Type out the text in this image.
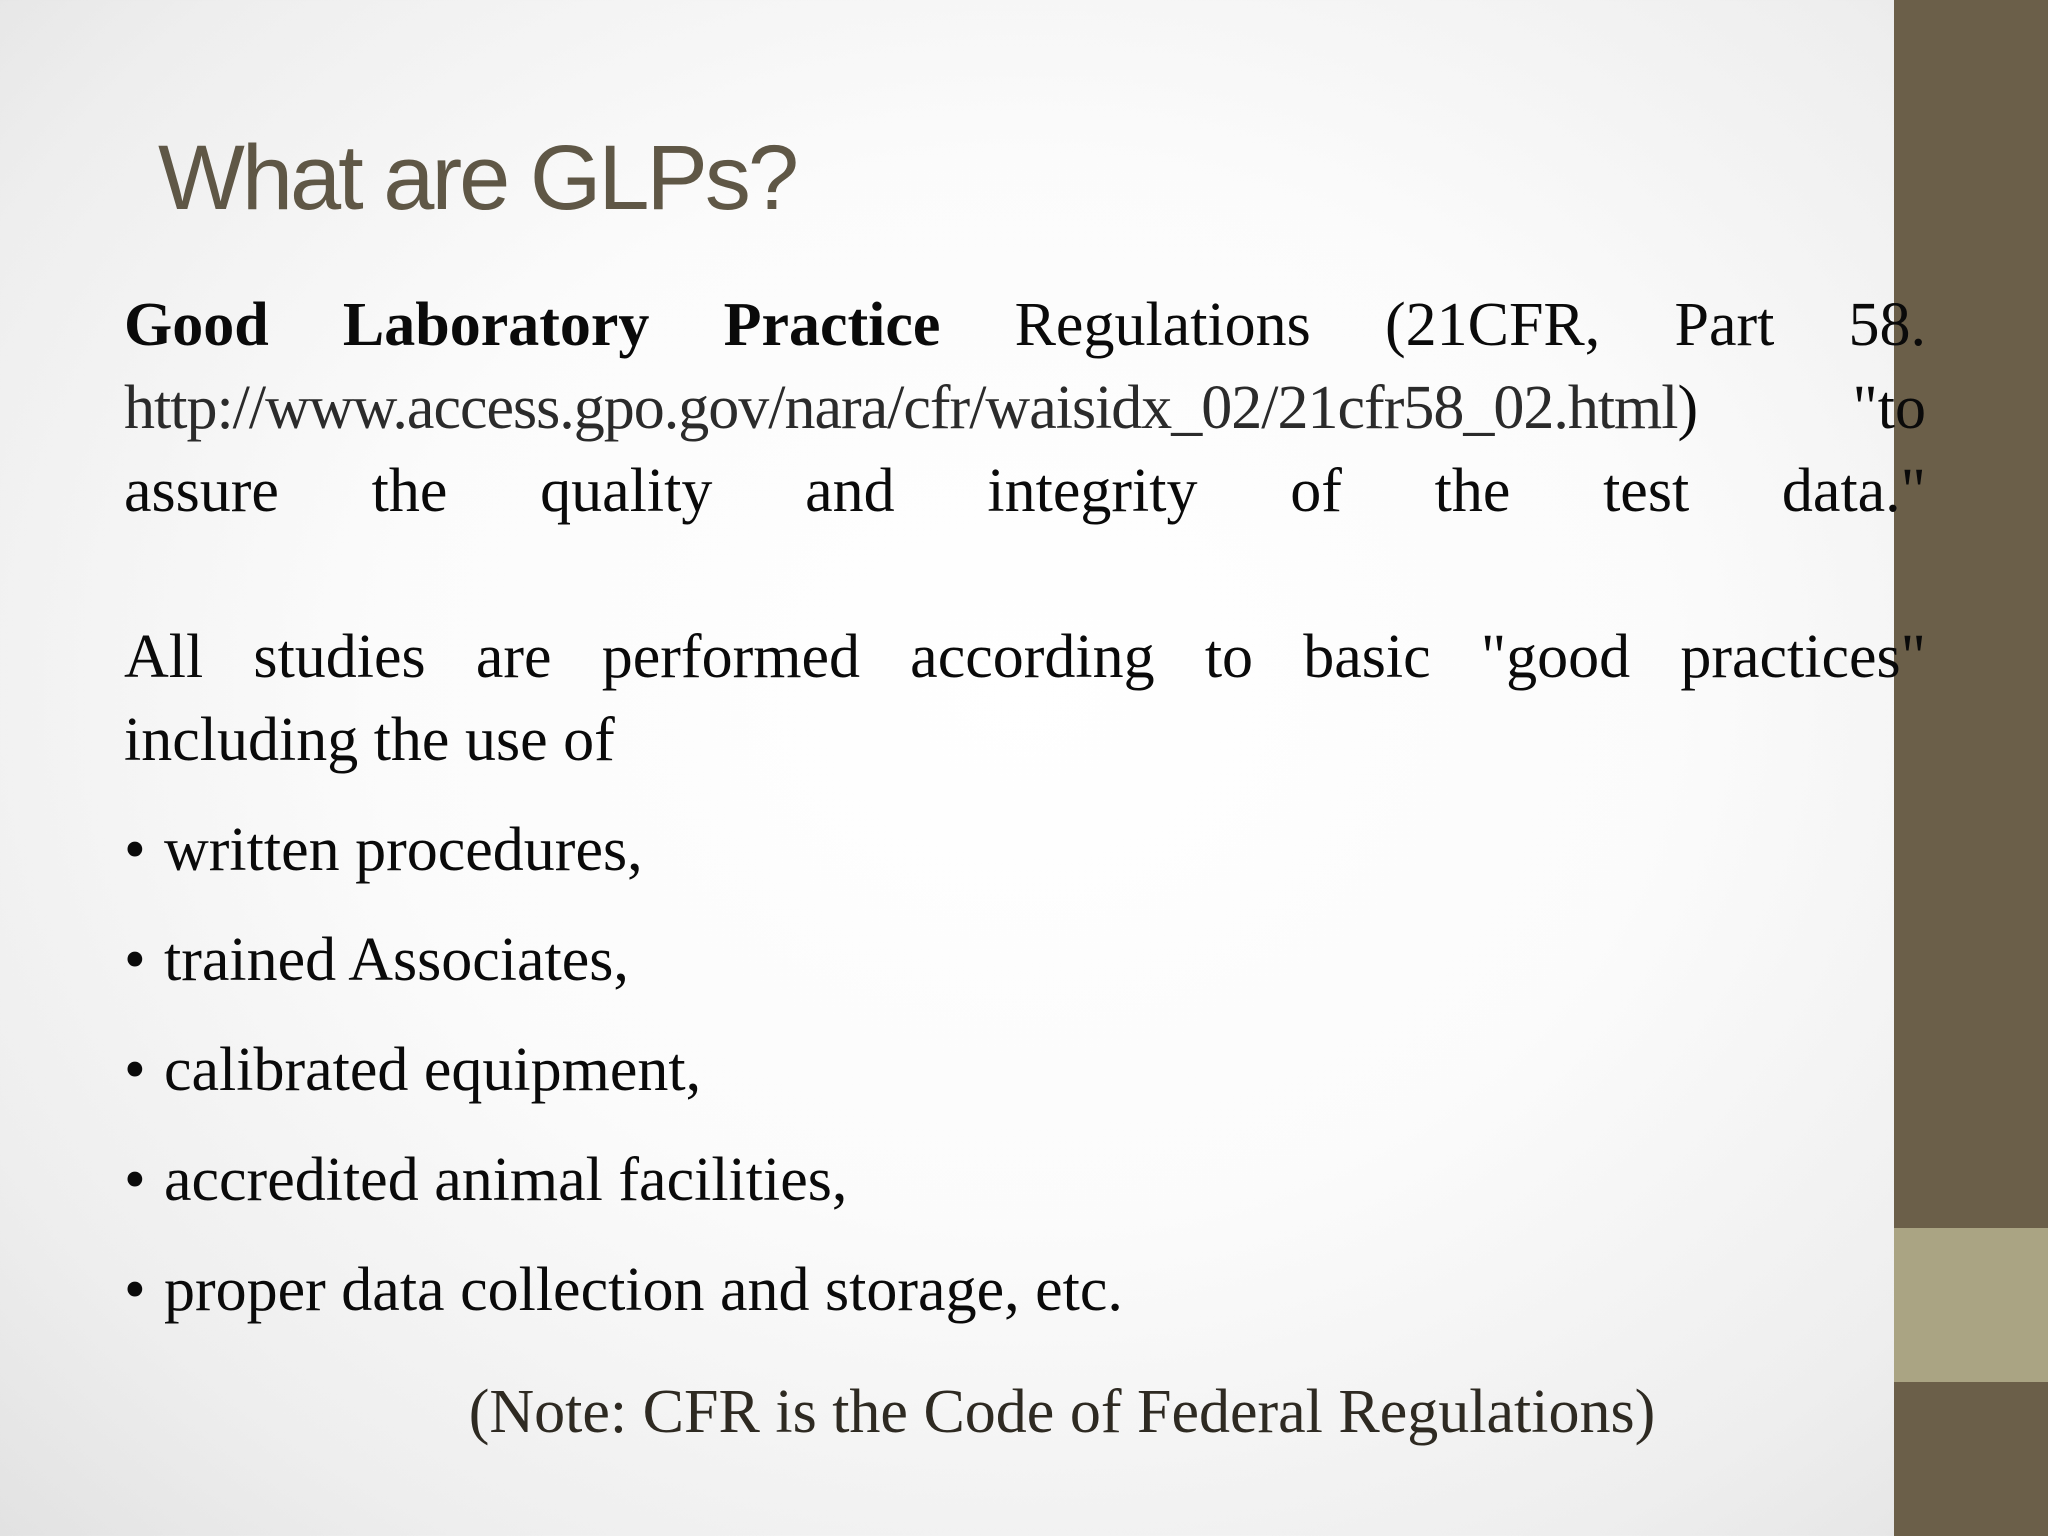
What are GLPs?

Good Laboratory Practice Regulations (21CFR, Part 58. http://www.access.gpo.gov/nara/cfr/waisidx_02/21cfr58_02.html) "to assure the quality and integrity of the test data."

All studies are performed according to basic "good practices"
including the use of

• written procedures,
• trained Associates,
• calibrated equipment,
• accredited animal facilities,
• proper data collection and storage, etc.
(Note: CFR is the Code of Federal Regulations)
